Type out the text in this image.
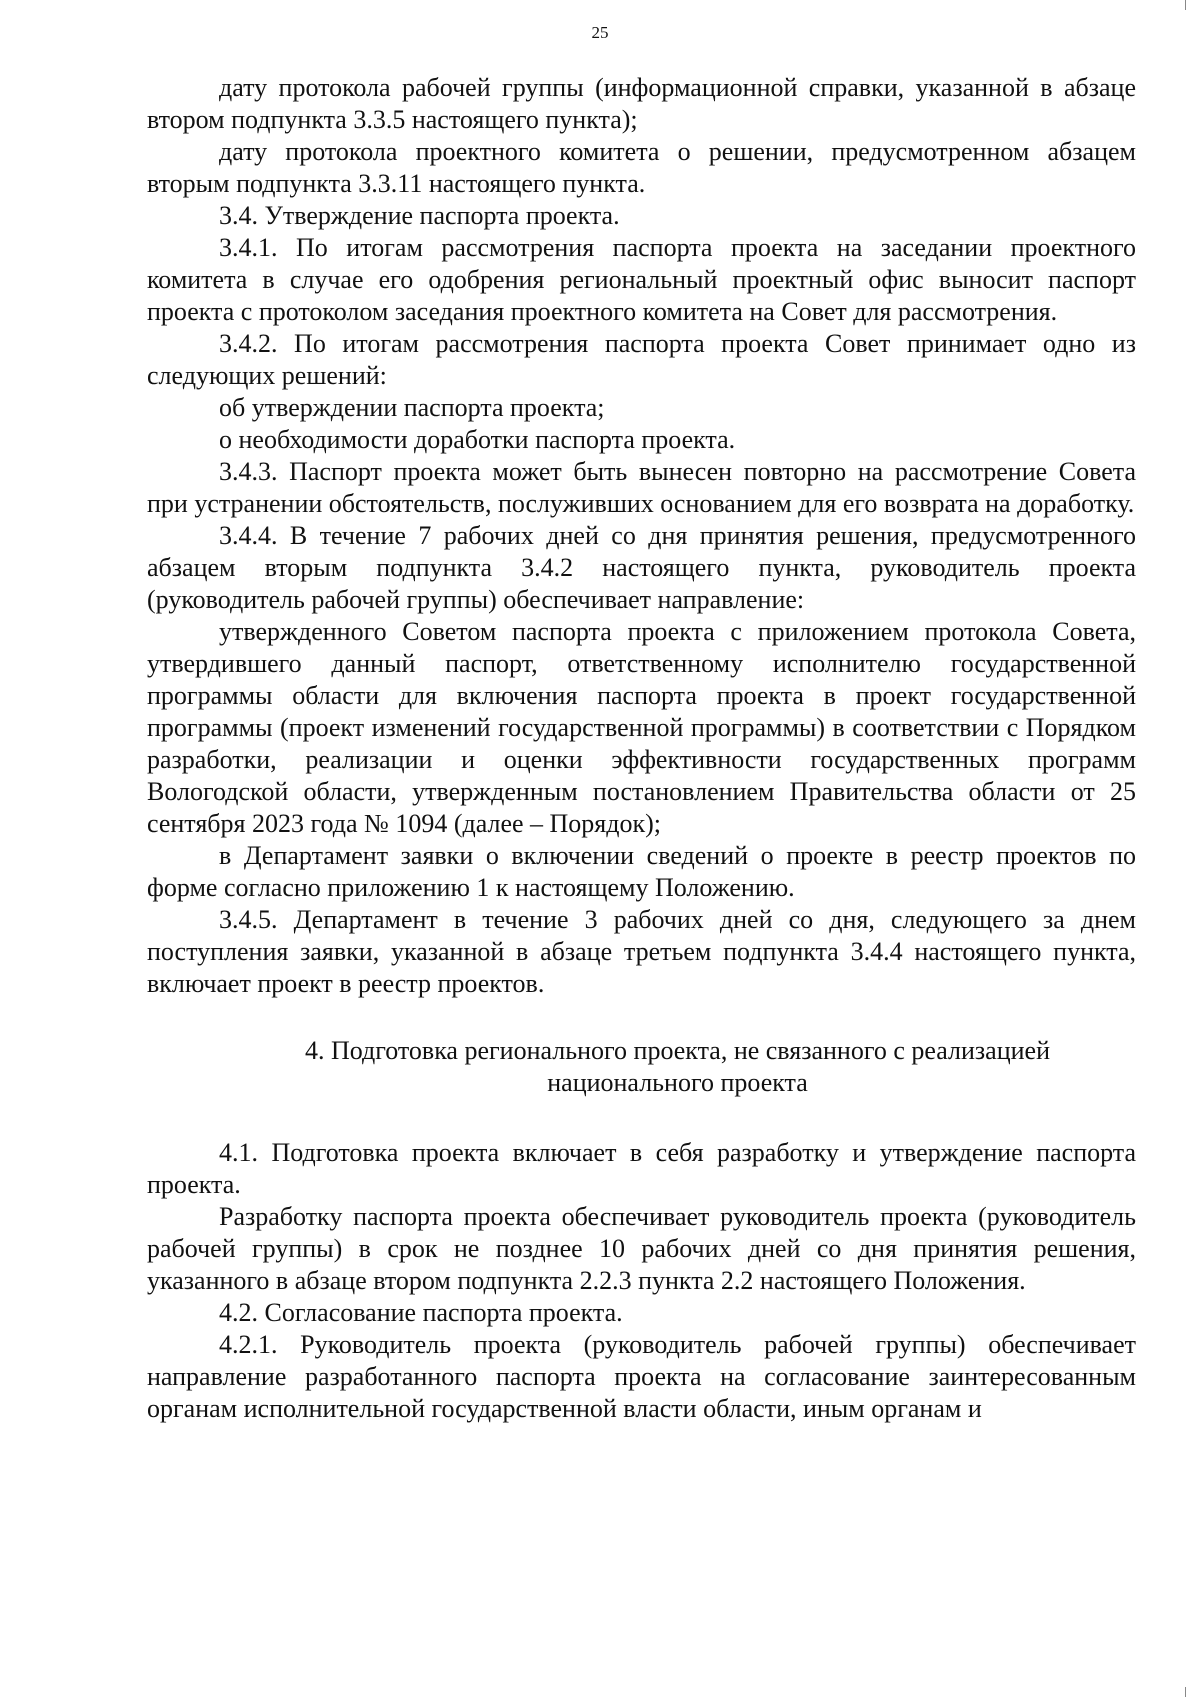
25

дату протокола рабочей группы (информационной справки, указанной в абзаце втором подпункта 3.3.5 настоящего пункта);

дату протокола проектного комитета о решении, предусмотренном абзацем вторым подпункта 3.3.11 настоящего пункта.

3.4. Утверждение паспорта проекта.

3.4.1. По итогам рассмотрения паспорта проекта на заседании проектного комитета в случае его одобрения региональный проектный офис выносит паспорт проекта с протоколом заседания проектного комитета на Совет для рассмотрения.

3.4.2. По итогам рассмотрения паспорта проекта Совет принимает одно из следующих решений:

об утверждении паспорта проекта;

о необходимости доработки паспорта проекта.

3.4.3. Паспорт проекта может быть вынесен повторно на рассмотрение Совета при устранении обстоятельств, послуживших основанием для его возврата на доработку.

3.4.4. В течение 7 рабочих дней со дня принятия решения, предусмотренного абзацем вторым подпункта 3.4.2 настоящего пункта, руководитель проекта (руководитель рабочей группы) обеспечивает направление:

утвержденного Советом паспорта проекта с приложением протокола Совета, утвердившего данный паспорт, ответственному исполнителю государственной программы области для включения паспорта проекта в проект государственной программы (проект изменений государственной программы) в соответствии с Порядком разработки, реализации и оценки эффективности государственных программ Вологодской области, утвержденным постановлением Правительства области от 25 сентября 2023 года № 1094 (далее – Порядок);

в Департамент заявки о включении сведений о проекте в реестр проектов по форме согласно приложению 1 к настоящему Положению.

3.4.5. Департамент в течение 3 рабочих дней со дня, следующего за днем поступления заявки, указанной в абзаце третьем подпункта 3.4.4 настоящего пункта, включает проект в реестр проектов.

4. Подготовка регионального проекта, не связанного с реализацией
национального проекта

4.1. Подготовка проекта включает в себя разработку и утверждение паспорта проекта.

Разработку паспорта проекта обеспечивает руководитель проекта (руководитель рабочей группы) в срок не позднее 10 рабочих дней со дня принятия решения, указанного в абзаце втором подпункта 2.2.3 пункта 2.2 настоящего Положения.

4.2. Согласование паспорта проекта.

4.2.1. Руководитель проекта (руководитель рабочей группы) обеспечивает направление разработанного паспорта проекта на согласование заинтересованным органам исполнительной государственной власти области, иным органам и
